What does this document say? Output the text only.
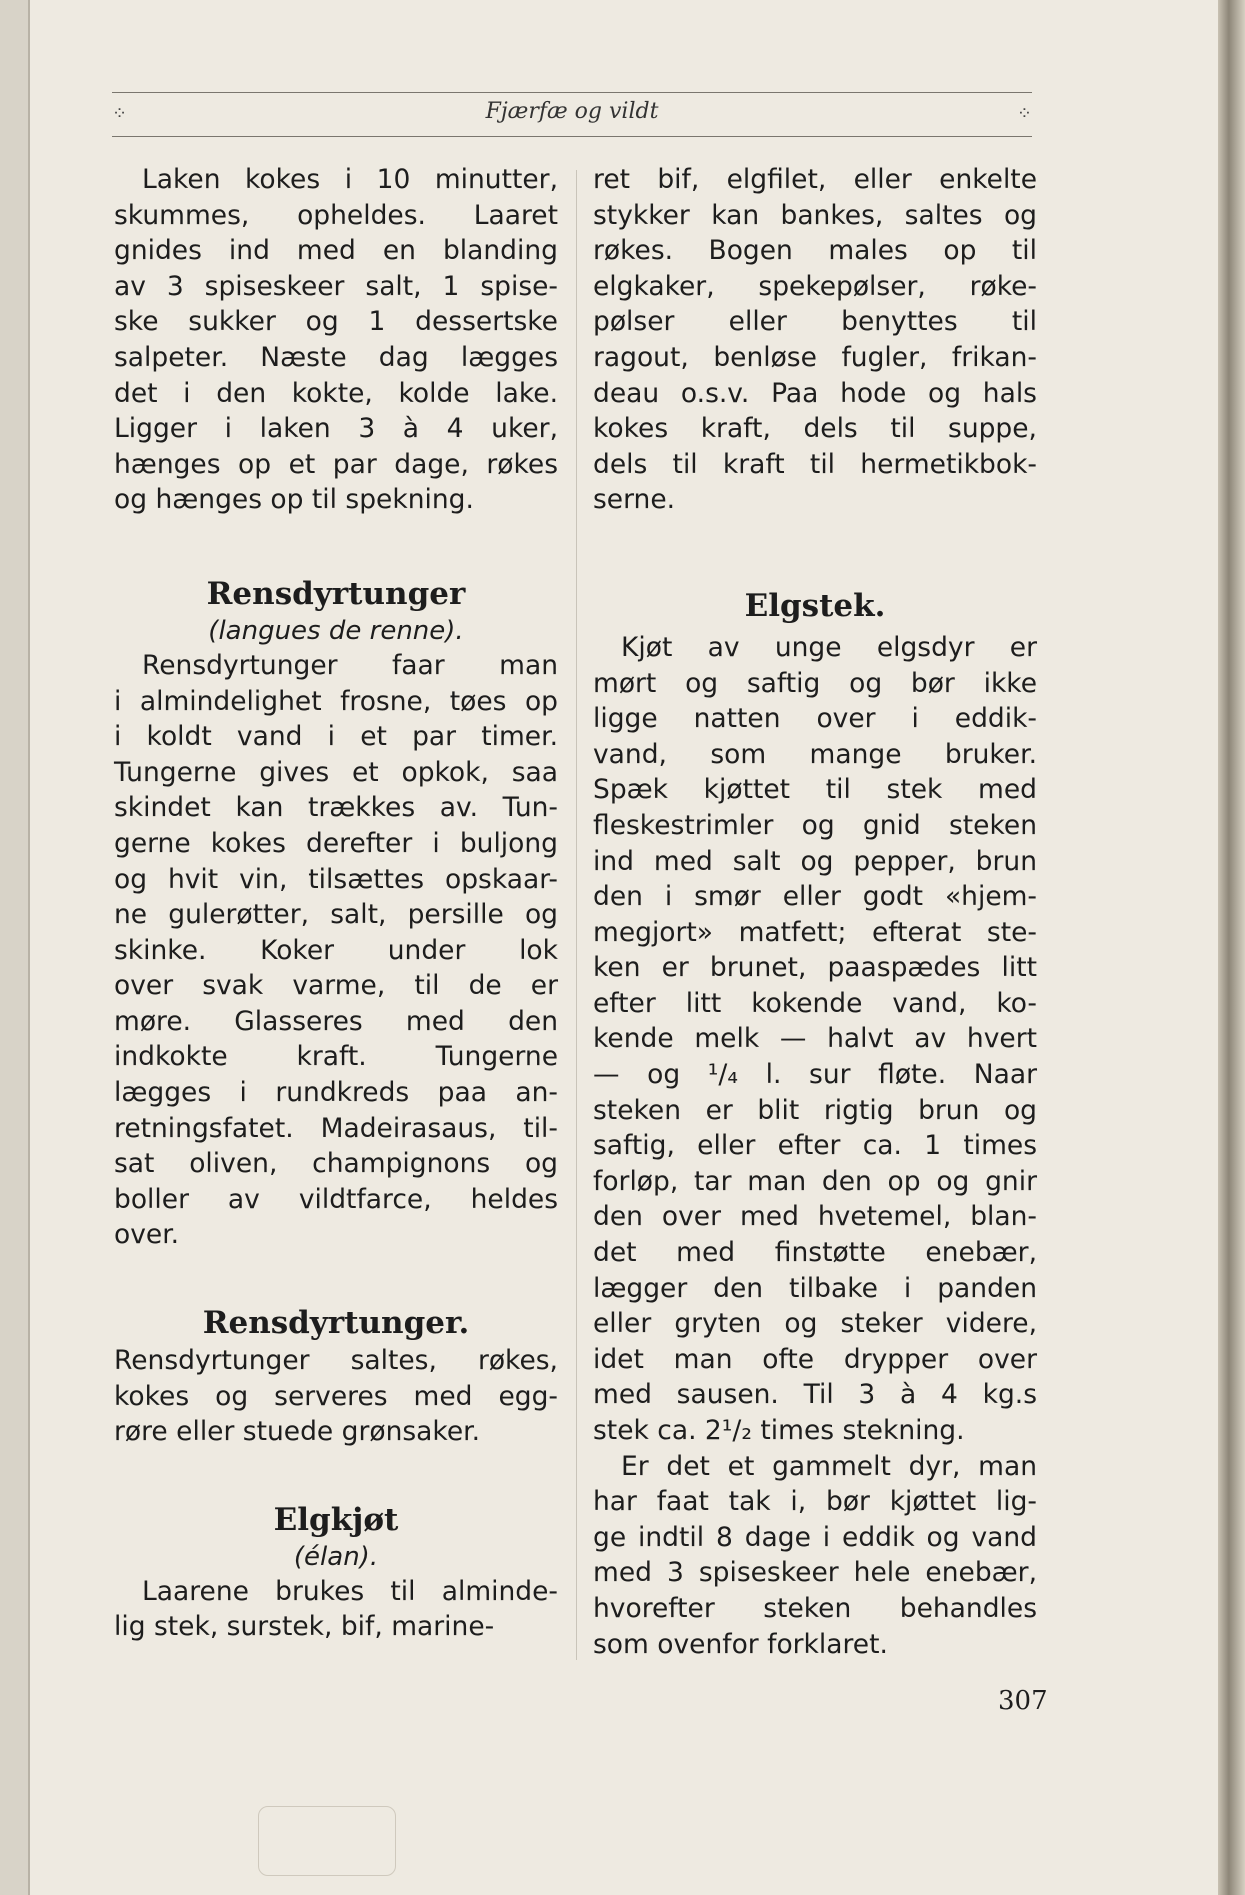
⁘	Fjærfæ og vildt	⁘
Laken kokes i 10 minutter,
skummes, opheldes. Laaret
gnides ind med en blanding
av 3 spiseskeer salt, 1 spise-
ske sukker og 1 dessertske
salpeter. Næste dag lægges
det i den kokte, kolde lake.
Ligger i laken 3 à 4 uker,
hænges op et par dage, røkes
og hænges op til spekning.
Rensdyrtunger
(langues de renne).
Rensdyrtunger faar man
i almindelighet frosne, tøes op
i koldt vand i et par timer.
Tungerne gives et opkok, saa
skindet kan trækkes av. Tun-
gerne kokes derefter i buljong
og hvit vin, tilsættes opskaar-
ne gulerøtter, salt, persille og
skinke. Koker under lok
over svak varme, til de er
møre. Glasseres med den
indkokte kraft. Tungerne
lægges i rundkreds paa an-
retningsfatet. Madeirasaus, til-
sat oliven, champignons og
boller av vildtfarce, heldes
over.
Rensdyrtunger.
Rensdyrtunger saltes, røkes,
kokes og serveres med egg-
røre eller stuede grønsaker.
Elgkjøt
(élan).
Laarene brukes til alminde-
lig stek, surstek, bif, marine-
ret bif, elgfilet, eller enkelte
stykker kan bankes, saltes og
røkes. Bogen males op til
elgkaker, spekepølser, røke-
pølser eller benyttes til
ragout, benløse fugler, frikan-
deau o.s.v. Paa hode og hals
kokes kraft, dels til suppe,
dels til kraft til hermetikbok-
serne.
Elgstek.
Kjøt av unge elgsdyr er
mørt og saftig og bør ikke
ligge natten over i eddik-
vand, som mange bruker.
Spæk kjøttet til stek med
fleskestrimler og gnid steken
ind med salt og pepper, brun
den i smør eller godt «hjem-
megjort» matfett; efterat ste-
ken er brunet, paaspædes litt
efter litt kokende vand, ko-
kende melk — halvt av hvert
— og ¹/₄ l. sur fløte. Naar
steken er blit rigtig brun og
saftig, eller efter ca. 1 times
forløp, tar man den op og gnir
den over med hvetemel, blan-
det med finstøtte enebær,
lægger den tilbake i panden
eller gryten og steker videre,
idet man ofte drypper over
med sausen. Til 3 à 4 kg.s
stek ca. 2¹/₂ times stekning.
Er det et gammelt dyr, man
har faat tak i, bør kjøttet lig-
ge indtil 8 dage i eddik og vand
med 3 spiseskeer hele enebær,
hvorefter steken behandles
som ovenfor forklaret.
307
